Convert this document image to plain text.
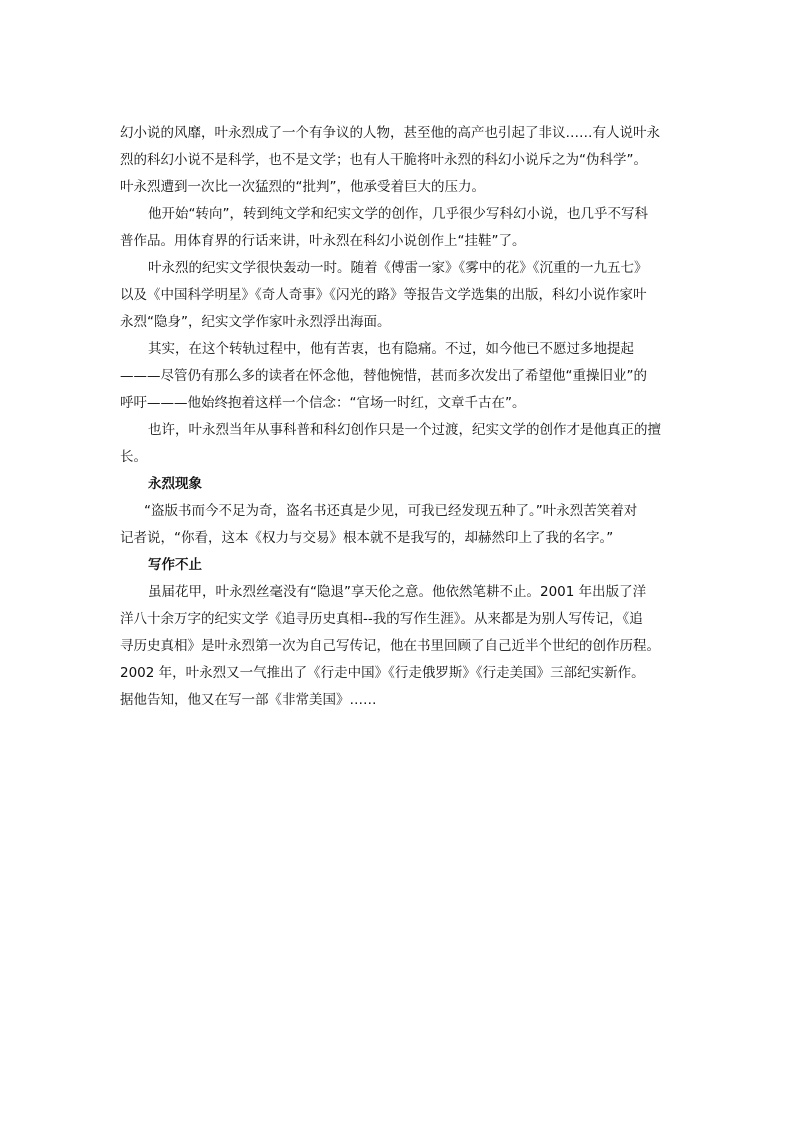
幻小说的风靡，叶永烈成了一个有争议的人物，甚至他的高产也引起了非议……有人说叶永
烈的科幻小说不是科学，也不是文学；也有人干脆将叶永烈的科幻小说斥之为“伪科学”。
叶永烈遭到一次比一次猛烈的“批判”，他承受着巨大的压力。
他开始“转向”，转到纯文学和纪实文学的创作，几乎很少写科幻小说，也几乎不写科
普作品。用体育界的行话来讲，叶永烈在科幻小说创作上“挂鞋”了。
叶永烈的纪实文学很快轰动一时。随着《傅雷一家》《雾中的花》《沉重的一九五七》
以及《中国科学明星》《奇人奇事》《闪光的路》等报告文学选集的出版，科幻小说作家叶
永烈“隐身”，纪实文学作家叶永烈浮出海面。
其实，在这个转轨过程中，他有苦衷，也有隐痛。不过，如今他已不愿过多地提起
———尽管仍有那么多的读者在怀念他，替他惋惜，甚而多次发出了希望他“重操旧业”的
呼吁———他始终抱着这样一个信念：“官场一时红，文章千古在”。
也许，叶永烈当年从事科普和科幻创作只是一个过渡，纪实文学的创作才是他真正的擅
长。
永烈现象
“盗版书而今不足为奇，盗名书还真是少见，可我已经发现五种了。”叶永烈苦笑着对
记者说，“你看，这本《权力与交易》根本就不是我写的，却赫然印上了我的名字。”
写作不止
虽届花甲，叶永烈丝毫没有“隐退”享天伦之意。他依然笔耕不止。2001 年出版了洋
洋八十余万字的纪实文学《追寻历史真相--我的写作生涯》。从来都是为别人写传记，《追
寻历史真相》是叶永烈第一次为自己写传记，他在书里回顾了自己近半个世纪的创作历程。
2002 年，叶永烈又一气推出了《行走中国》《行走俄罗斯》《行走美国》三部纪实新作。
据他告知，他又在写一部《非常美国》……
